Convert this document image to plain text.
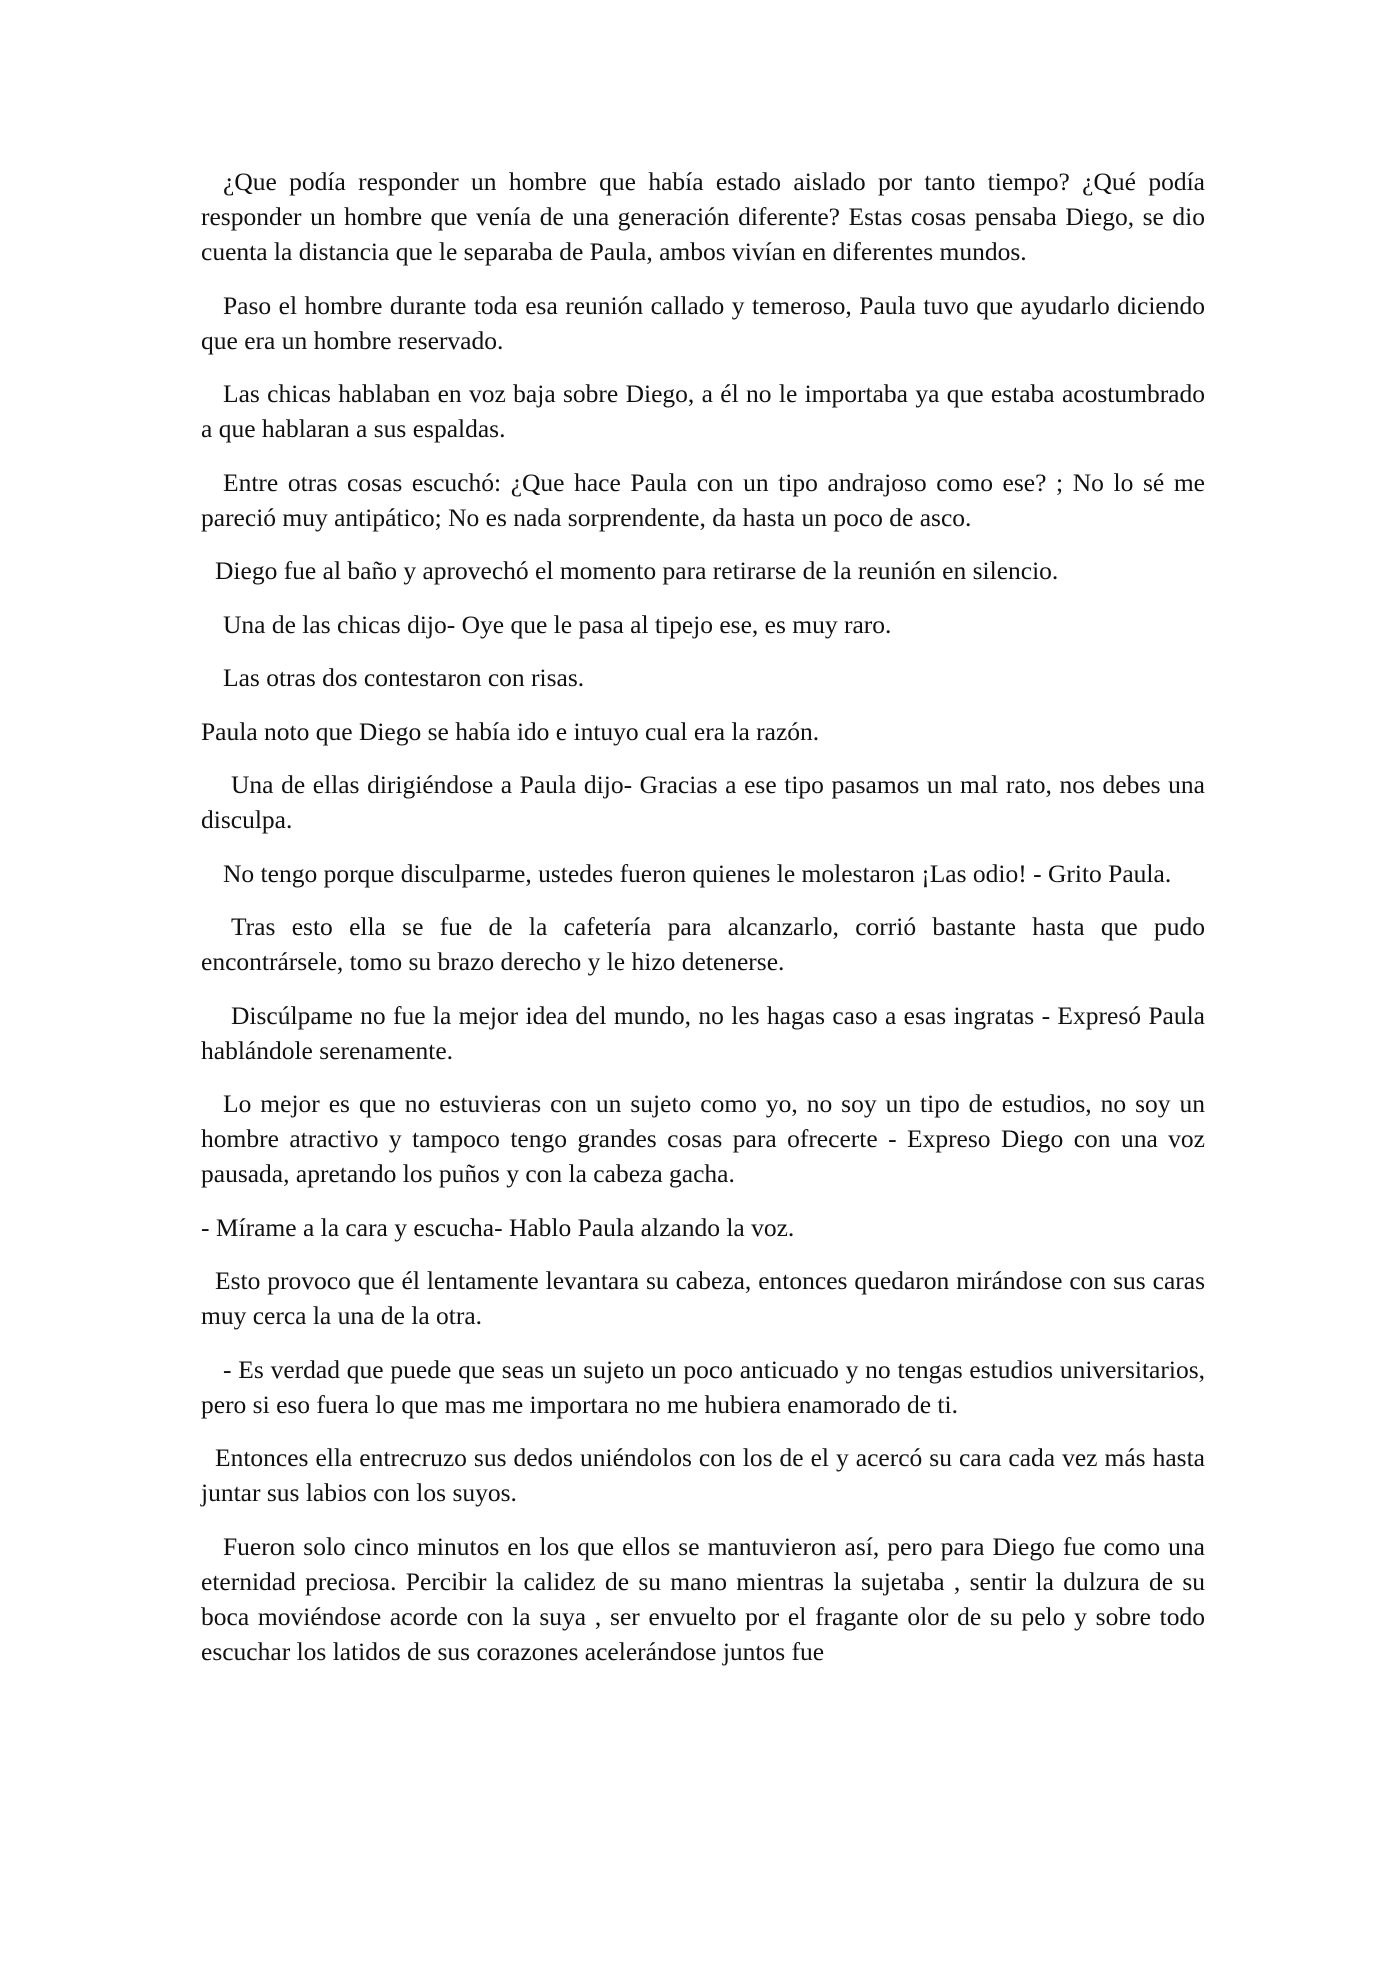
¿Que podía responder un hombre que había estado aislado por tanto tiempo? ¿Qué podía responder un hombre que venía de una generación diferente? Estas cosas pensaba Diego, se dio cuenta la distancia que le separaba de Paula, ambos vivían en diferentes mundos.

Paso el hombre durante toda esa reunión callado y temeroso, Paula tuvo que ayudarlo diciendo que era un hombre reservado.

Las chicas hablaban en voz baja sobre Diego, a él no le importaba ya que estaba acostumbrado a que hablaran a sus espaldas.

Entre otras cosas escuchó: ¿Que hace Paula con un tipo andrajoso como ese? ; No lo sé me pareció muy antipático; No es nada sorprendente, da hasta un poco de asco.

Diego fue al baño y aprovechó el momento para retirarse de la reunión en silencio.

Una de las chicas dijo- Oye que le pasa al tipejo ese, es muy raro.

Las otras dos contestaron con risas.

Paula noto que Diego se había ido e intuyo cual era la razón.

Una de ellas dirigiéndose a Paula dijo- Gracias a ese tipo pasamos un mal rato, nos debes una disculpa.

No tengo porque disculparme, ustedes fueron quienes le molestaron ¡Las odio! - Grito Paula.

Tras esto ella se fue de la cafetería para alcanzarlo, corrió bastante hasta que pudo encontrársele, tomo su brazo derecho y le hizo detenerse.

Discúlpame no fue la mejor idea del mundo, no les hagas caso a esas ingratas - Expresó Paula hablándole serenamente.

Lo mejor es que no estuvieras con un sujeto como yo, no soy un tipo de estudios, no soy un hombre atractivo y tampoco tengo grandes cosas para ofrecerte - Expreso Diego con una voz pausada, apretando los puños y con la cabeza gacha.

- Mírame a la cara y escucha- Hablo Paula alzando la voz.

Esto provoco que él lentamente levantara su cabeza, entonces quedaron mirándose con sus caras muy cerca la una de la otra.

- Es verdad que puede que seas un sujeto un poco anticuado y no tengas estudios universitarios, pero si eso fuera lo que mas me importara no me hubiera enamorado de ti.

Entonces ella entrecruzo sus dedos uniéndolos con los de el y acercó su cara cada vez más hasta juntar sus labios con los suyos.

Fueron solo cinco minutos en los que ellos se mantuvieron así, pero para Diego fue como una eternidad preciosa. Percibir la calidez de su mano mientras la sujetaba , sentir la dulzura de su boca moviéndose acorde con la suya , ser envuelto por el fragante olor de su pelo y sobre todo escuchar los latidos de sus corazones acelerándose juntos fue
